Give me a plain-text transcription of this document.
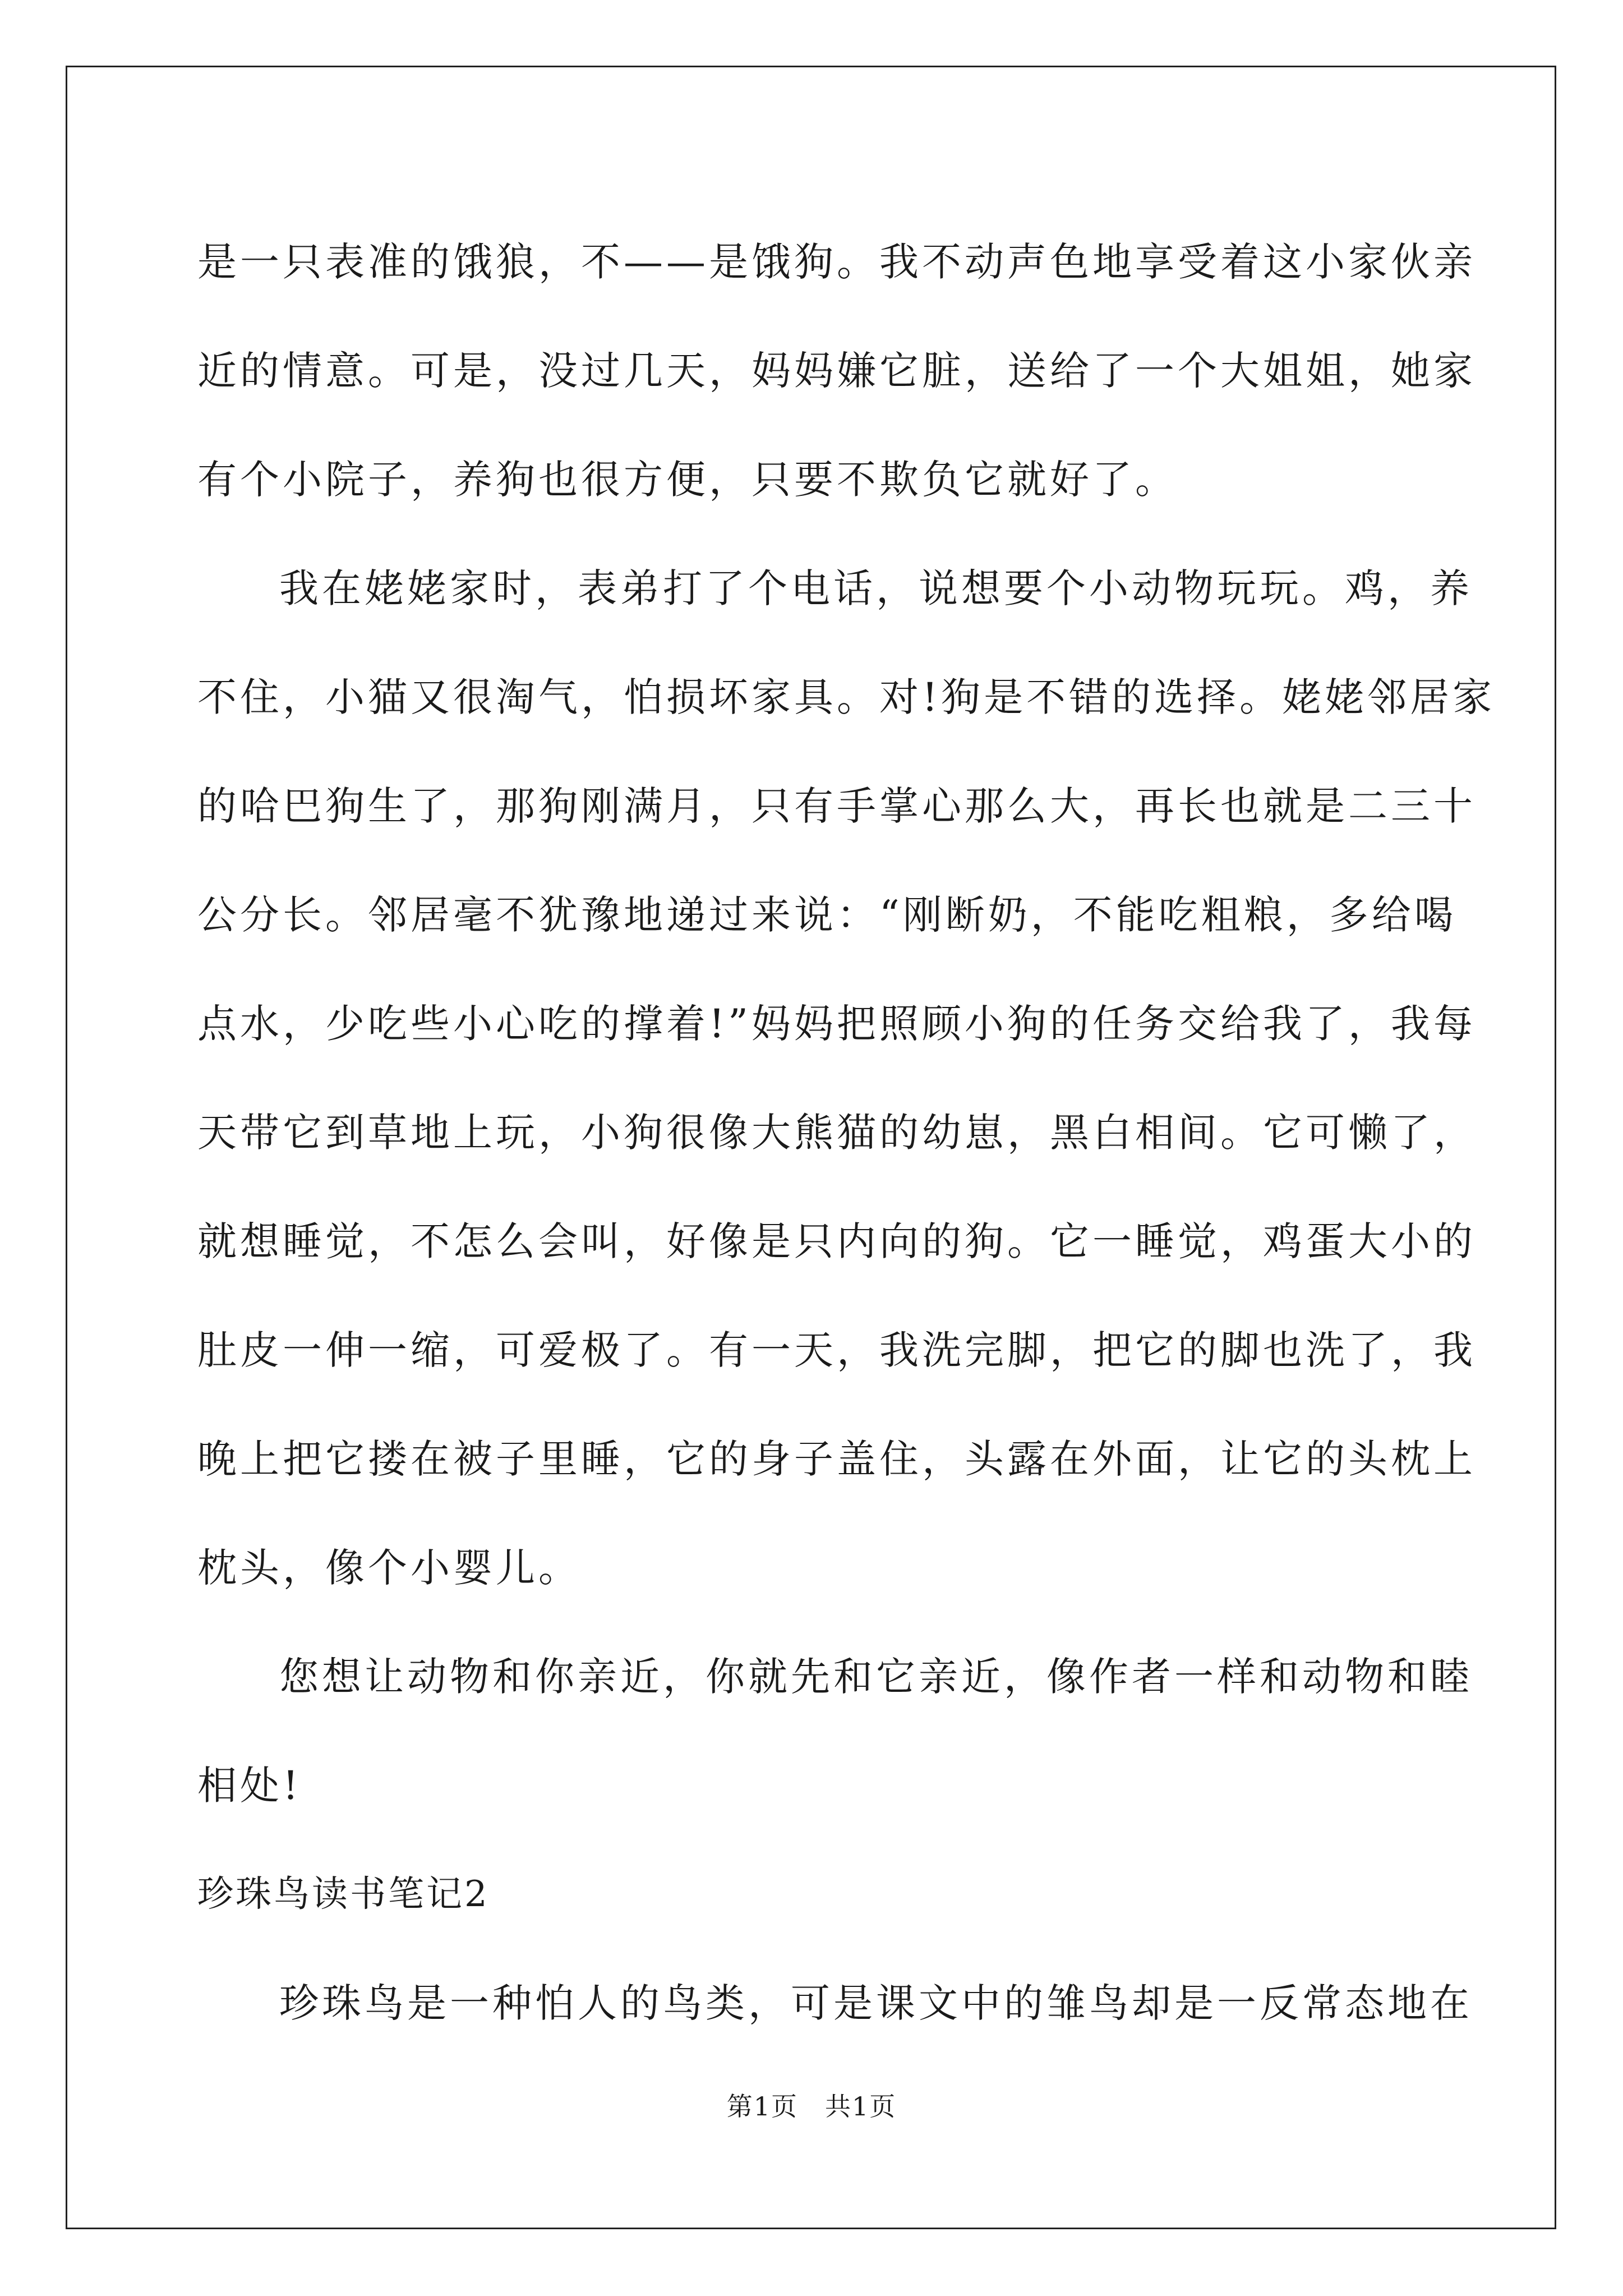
是一只表准的饿狼，不——是饿狗。我不动声色地享受着这小家伙亲
近的情意。可是，没过几天，妈妈嫌它脏，送给了一个大姐姐，她家
有个小院子，养狗也很方便，只要不欺负它就好了。
我在姥姥家时，表弟打了个电话，说想要个小动物玩玩。鸡，养
不住，小猫又很淘气，怕损坏家具。对!狗是不错的选择。姥姥邻居家
的哈巴狗生了，那狗刚满月，只有手掌心那么大，再长也就是二三十
公分长。邻居毫不犹豫地递过来说：“刚断奶，不能吃粗粮，多给喝
点水，少吃些小心吃的撑着!”妈妈把照顾小狗的任务交给我了，我每
天带它到草地上玩，小狗很像大熊猫的幼崽，黑白相间。它可懒了，
就想睡觉，不怎么会叫，好像是只内向的狗。它一睡觉，鸡蛋大小的
肚皮一伸一缩，可爱极了。有一天，我洗完脚，把它的脚也洗了，我
晚上把它搂在被子里睡，它的身子盖住，头露在外面，让它的头枕上
枕头，像个小婴儿。
您想让动物和你亲近，你就先和它亲近，像作者一样和动物和睦
相处!
珍珠鸟读书笔记2
珍珠鸟是一种怕人的鸟类，可是课文中的雏鸟却是一反常态地在
第1页　共1页
